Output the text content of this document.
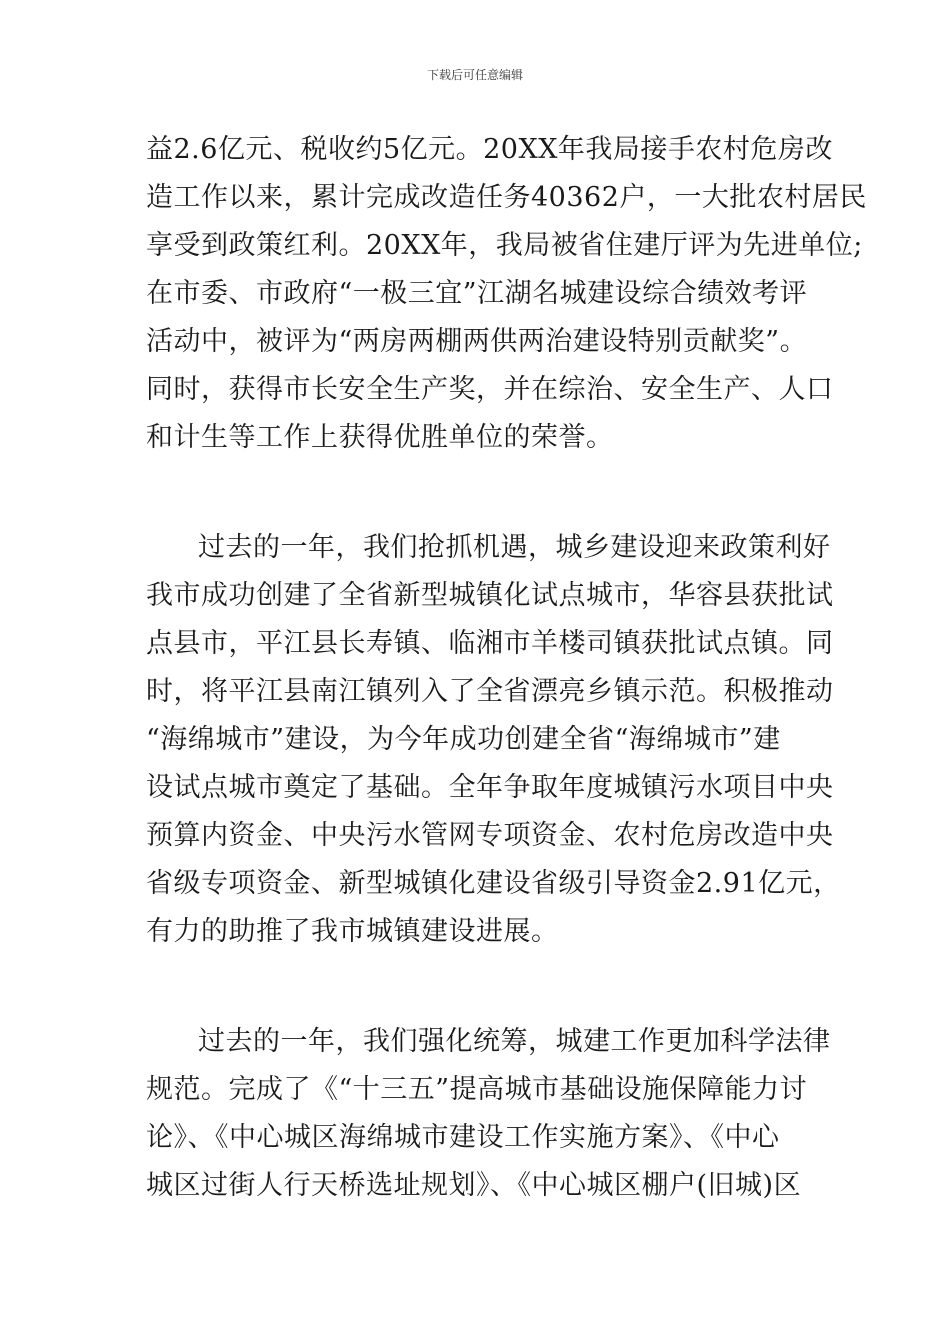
下载后可任意编辑
益2.6亿元、税收约5亿元。20XX年我局接手农村危房改
造工作以来，累计完成改造任务40362户，一大批农村居民
享受到政策红利。20XX年，我局被省住建厅评为先进单位;
在市委、市政府“一极三宜”江湖名城建设综合绩效考评
活动中，被评为“两房两棚两供两治建设特别贡献奖”。
同时，获得市长安全生产奖，并在综治、安全生产、人口
和计生等工作上获得优胜单位的荣誉。
过去的一年，我们抢抓机遇，城乡建设迎来政策利好
我市成功创建了全省新型城镇化试点城市，华容县获批试
点县市，平江县长寿镇、临湘市羊楼司镇获批试点镇。同
时，将平江县南江镇列入了全省漂亮乡镇示范。积极推动
“海绵城市”建设，为今年成功创建全省“海绵城市”建
设试点城市奠定了基础。全年争取年度城镇污水项目中央
预算内资金、中央污水管网专项资金、农村危房改造中央
省级专项资金、新型城镇化建设省级引导资金2.91亿元，
有力的助推了我市城镇建设进展。
过去的一年，我们强化统筹，城建工作更加科学法律
规范。完成了《“十三五”提高城市基础设施保障能力讨
论》、《中心城区海绵城市建设工作实施方案》、《中心
城区过街人行天桥选址规划》、《中心城区棚户(旧城)区
